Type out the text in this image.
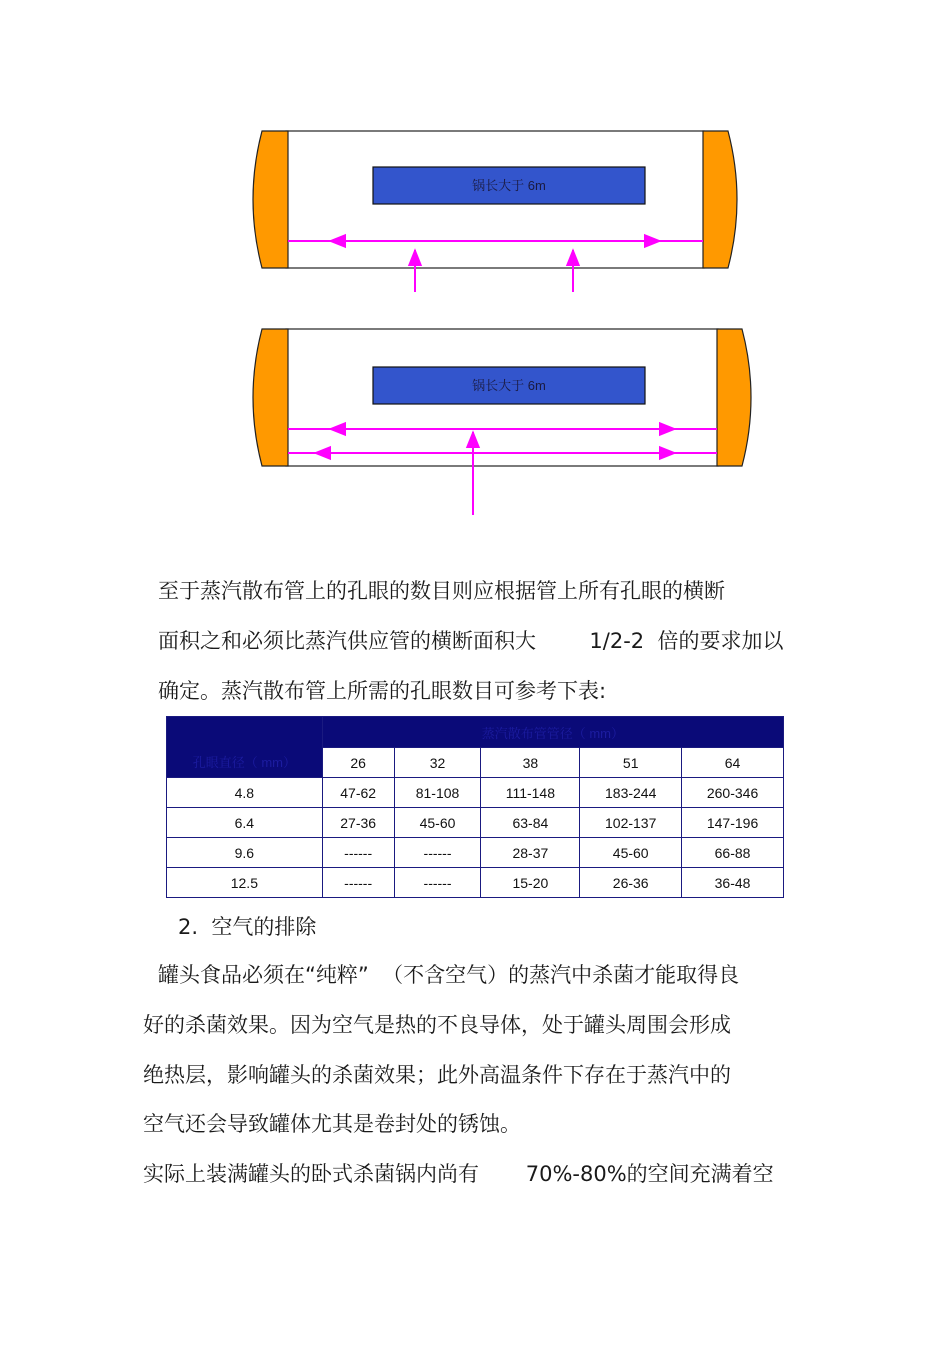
锅长大于 6m
锅长大于 6m
至于蒸汽散布管上的孔眼的数目则应根据管上所有孔眼的横断
面积之和必须比蒸汽供应管的横断面积大        1/2-2  倍的要求加以
确定。蒸汽散布管上所需的孔眼数目可参考下表:
孔眼直径（ mm）	蒸汽散布管管径（ mm）				
	26	32	38	51	64
4.8	47-62	81-108	111-148	183-244	260-346
6.4	27-36	45-60	63-84	102-137	147-196
9.6	------	------	28-37	45-60	66-88
12.5	------	------	15-20	26-36	36-48
2.  空气的排除
罐头食品必须在“纯粹”  （不含空气）的蒸汽中杀菌才能取得良
好的杀菌效果。因为空气是热的不良导体，处于罐头周围会形成
绝热层，影响罐头的杀菌效果；此外高温条件下存在于蒸汽中的
空气还会导致罐体尤其是卷封处的锈蚀。
实际上装满罐头的卧式杀菌锅内尚有       70%-80%的空间充满着空
